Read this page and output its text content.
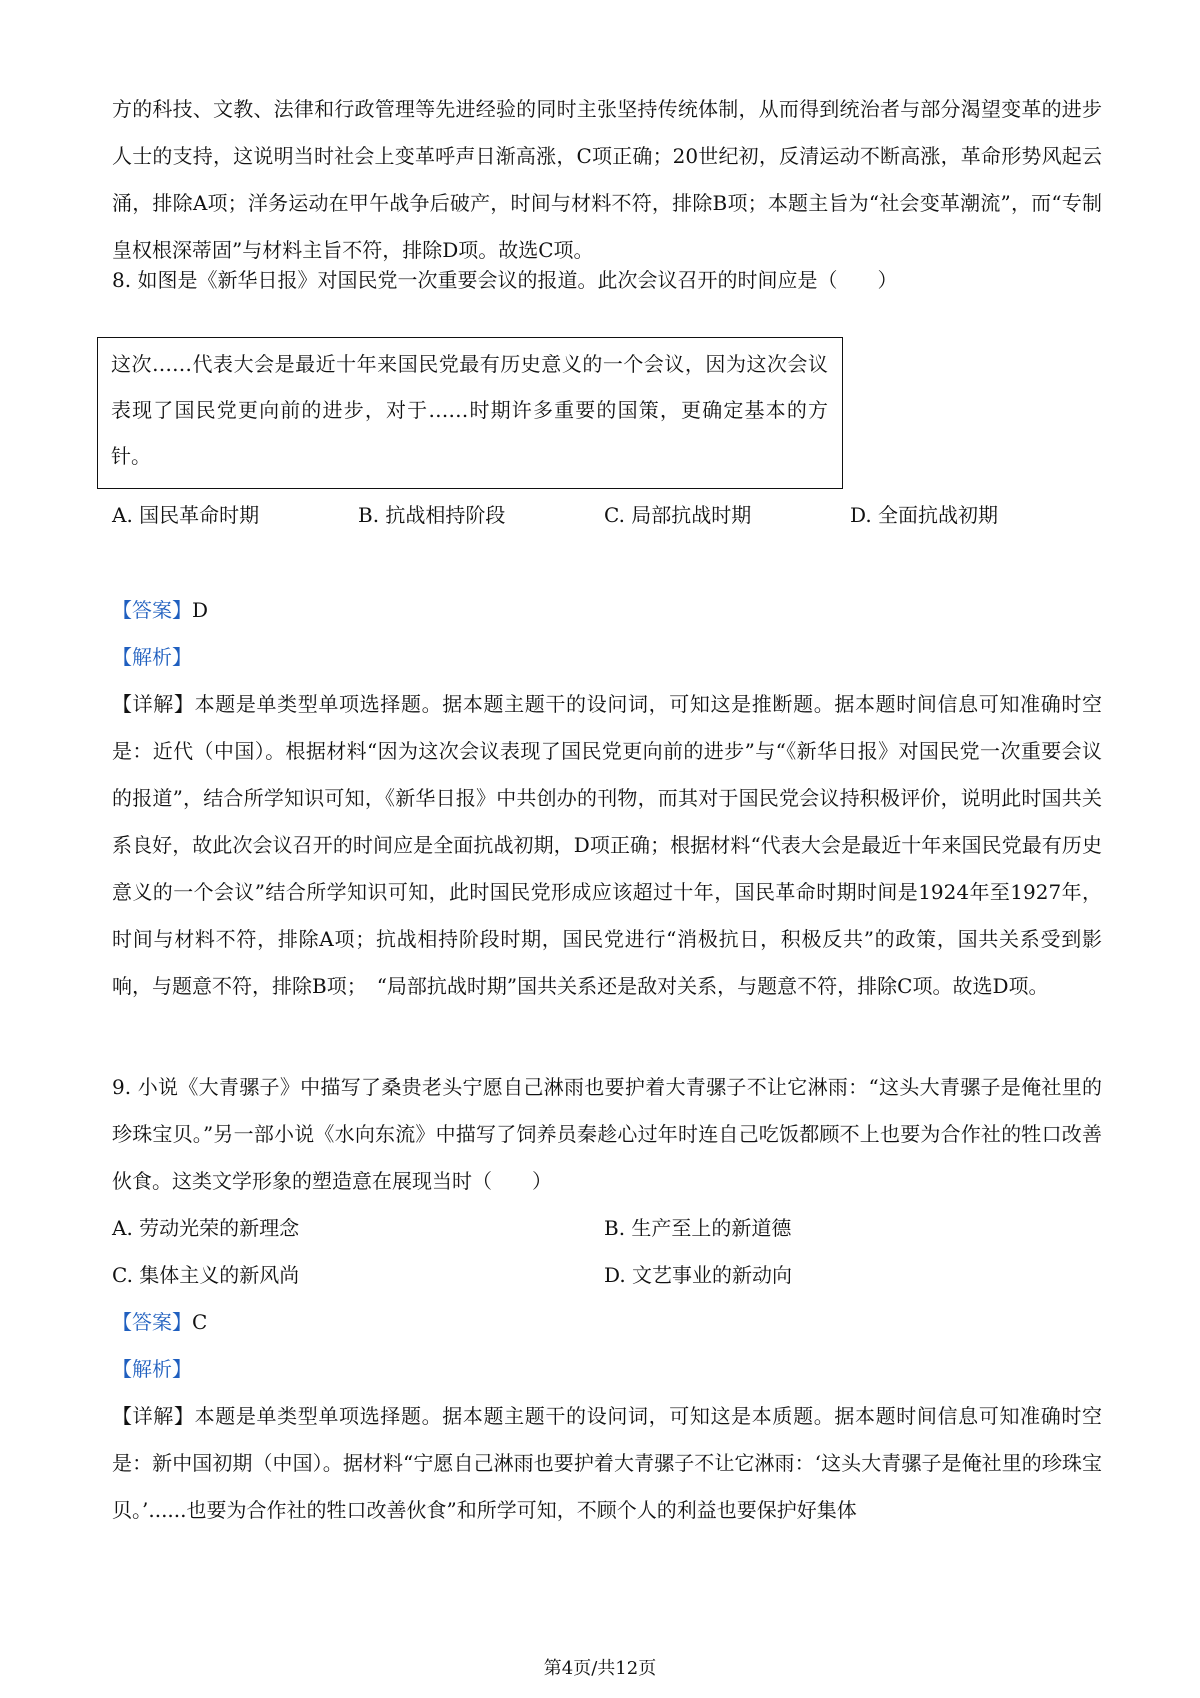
方的科技、文教、法律和行政管理等先进经验的同时主张坚持传统体制，从而得到统治者与部分渴望变革的进步人士的支持，这说明当时社会上变革呼声日渐高涨，C项正确；20世纪初，反清运动不断高涨，革命形势风起云涌，排除A项；洋务运动在甲午战争后破产，时间与材料不符，排除B项；本题主旨为“社会变革潮流”，而“专制皇权根深蒂固”与材料主旨不符，排除D项。故选C项。

8. 如图是《新华日报》对国民党一次重要会议的报道。此次会议召开的时间应是（　　）

这次……代表大会是最近十年来国民党最有历史意义的一个会议，因为这次会议表现了国民党更向前的进步，对于……时期许多重要的国策，更确定基本的方针。
A. 国民革命时期	B. 抗战相持阶段	C. 局部抗战时期	D. 全面抗战初期

【答案】D

【解析】

【详解】本题是单类型单项选择题。据本题主题干的设问词，可知这是推断题。据本题时间信息可知准确时空是：近代（中国）。根据材料“因为这次会议表现了国民党更向前的进步”与“《新华日报》对国民党一次重要会议的报道”，结合所学知识可知，《新华日报》中共创办的刊物，而其对于国民党会议持积极评价，说明此时国共关系良好，故此次会议召开的时间应是全面抗战初期，D项正确；根据材料“代表大会是最近十年来国民党最有历史意义的一个会议”结合所学知识可知，此时国民党形成应该超过十年，国民革命时期时间是1924年至1927年，时间与材料不符，排除A项；抗战相持阶段时期，国民党进行“消极抗日，积极反共”的政策，国共关系受到影响，与题意不符，排除B项；　“局部抗战时期”国共关系还是敌对关系，与题意不符，排除C项。故选D项。

9. 小说《大青骡子》中描写了桑贵老头宁愿自己淋雨也要护着大青骡子不让它淋雨：“这头大青骡子是俺社里的珍珠宝贝。”另一部小说《水向东流》中描写了饲养员秦趁心过年时连自己吃饭都顾不上也要为合作社的牲口改善伙食。这类文学形象的塑造意在展现当时（　　）

A. 劳动光荣的新理念	B. 生产至上的新道德
C. 集体主义的新风尚	D. 文艺事业的新动向

【答案】C

【解析】

【详解】本题是单类型单项选择题。据本题主题干的设问词，可知这是本质题。据本题时间信息可知准确时空是：新中国初期（中国）。据材料“宁愿自己淋雨也要护着大青骡子不让它淋雨：‘这头大青骡子是俺社里的珍珠宝贝。’......也要为合作社的牲口改善伙食”和所学可知，不顾个人的利益也要保护好集体

第4页/共12页
